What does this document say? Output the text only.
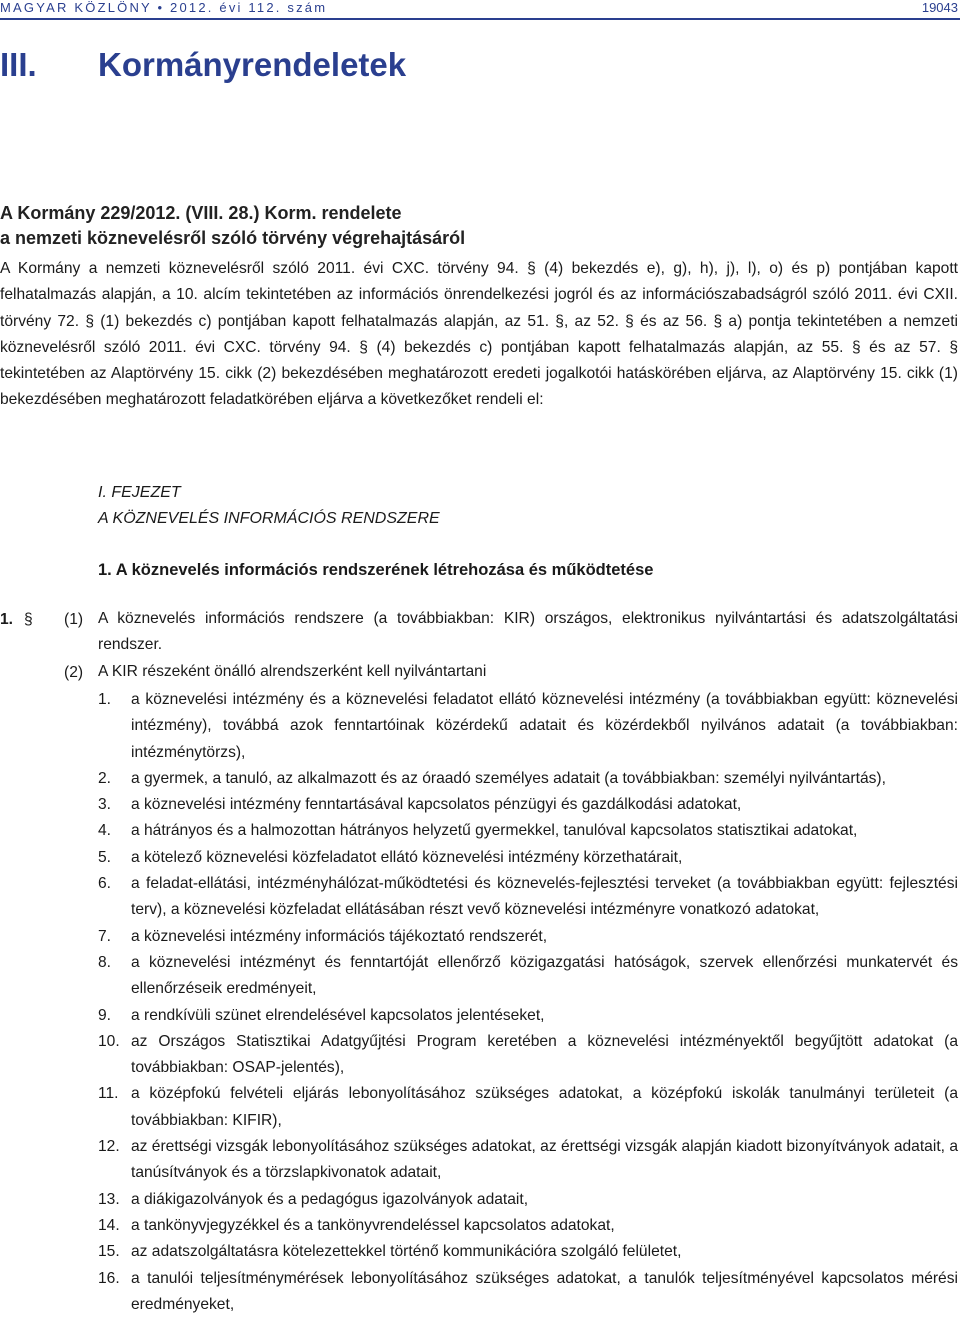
MAGYAR KÖZLÖNY • 2012. évi 112. szám	19043
III. Kormányrendeletek
A Kormány 229/2012. (VIII. 28.) Korm. rendelete
a nemzeti köznevelésről szóló törvény végrehajtásáról
A Kormány a nemzeti köznevelésről szóló 2011. évi CXC. törvény 94. § (4) bekezdés e), g), h), j), l), o) és p) pontjában kapott felhatalmazás alapján, a 10. alcím tekintetében az információs önrendelkezési jogról és az információszabadságról szóló 2011. évi CXII. törvény 72. § (1) bekezdés c) pontjában kapott felhatalmazás alapján, az 51. §, az 52. § és az 56. § a) pontja tekintetében a nemzeti köznevelésről szóló 2011. évi CXC. törvény 94. § (4) bekezdés c) pontjában kapott felhatalmazás alapján, az 55. § és az 57. § tekintetében az Alaptörvény 15. cikk (2) bekezdésében meghatározott eredeti jogalkotói hatáskörében eljárva, az Alaptörvény 15. cikk (1) bekezdésében meghatározott feladatkörében eljárva a következőket rendeli el:
I. FEJEZET
A KÖZNEVELÉS INFORMÁCIÓS RENDSZERE
1. A köznevelés információs rendszerének létrehozása és működtetése
1. § (1) A köznevelés információs rendszere (a továbbiakban: KIR) országos, elektronikus nyilvántartási és adatszolgáltatási rendszer.
(2) A KIR részeként önálló alrendszerként kell nyilvántartani
1.	a köznevelési intézmény és a köznevelési feladatot ellátó köznevelési intézmény (a továbbiakban együtt: köznevelési intézmény), továbbá azok fenntartóinak közérdekű adatait és közérdekből nyilvános adatait (a továbbiakban: intézménytörzs),
2.	a gyermek, a tanuló, az alkalmazott és az óraadó személyes adatait (a továbbiakban: személyi nyilvántartás),
3.	a köznevelési intézmény fenntartásával kapcsolatos pénzügyi és gazdálkodási adatokat,
4.	a hátrányos és a halmozottan hátrányos helyzetű gyermekkel, tanulóval kapcsolatos statisztikai adatokat,
5.	a kötelező köznevelési közfeladatot ellátó köznevelési intézmény körzethatárait,
6.	a feladat-ellátási, intézményhálózat-működtetési és köznevelés-fejlesztési terveket (a továbbiakban együtt: fejlesztési terv), a köznevelési közfeladat ellátásában részt vevő köznevelési intézményre vonatkozó adatokat,
7.	a köznevelési intézmény információs tájékoztató rendszerét,
8.	a köznevelési intézményt és fenntartóját ellenőrző közigazgatási hatóságok, szervek ellenőrzési munkatervét és ellenőrzéseik eredményeit,
9.	a rendkívüli szünet elrendelésével kapcsolatos jelentéseket,
10. az Országos Statisztikai Adatgyűjtési Program keretében a köznevelési intézményektől begyűjtött adatokat (a továbbiakban: OSAP-jelentés),
11. a középfokú felvételi eljárás lebonyolításához szükséges adatokat, a középfokú iskolák tanulmányi területeit (a továbbiakban: KIFIR),
12. az érettségi vizsgák lebonyolításához szükséges adatokat, az érettségi vizsgák alapján kiadott bizonyítványok adatait, a tanúsítványok és a törzslapkivonatok adatait,
13. a diákigazolványok és a pedagógus igazolványok adatait,
14. a tankönyvjegyzékkel és a tankönyvrendeléssel kapcsolatos adatokat,
15. az adatszolgáltatásra kötelezettekkel történő kommunikációra szolgáló felületet,
16. a tanulói teljesítménymérések lebonyolításához szükséges adatokat, a tanulók teljesítményével kapcsolatos mérési eredményeket,
